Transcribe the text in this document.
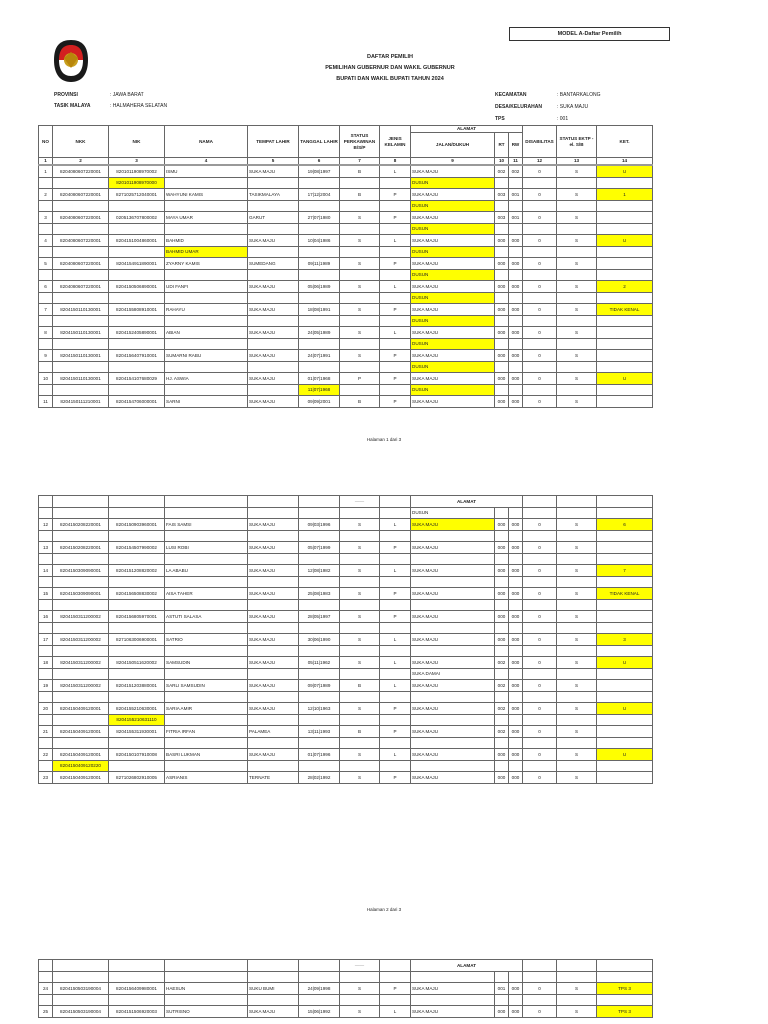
MODEL A-Daftar Pemilih
DAFTAR PEMILIH
PEMILIHAN GUBERNUR DAN WAKIL GUBERNUR
BUPATI DAN WAKIL BUPATI TAHUN 2024
PROVINSI	: JAWA BARAT
TASIK MALAYA	: HALMAHERA SELATAN
KECAMATAN	: BANTARKALONG
DESA/KELURAHAN	: SUKA MAJU
TPS	: 001
NO	NKK	NIK	NAMA	TEMPAT LAHIR	TANGGAL LAHIR	STATUS PERKAWINAN B/S/P	JENIS KELAMIN	ALAMAT			DISABILITAS	STATUS EKTP - el. S/B	KET.
								JALAN/DUKUH	RT	RW			
1	2	3	4	5	6	7	8	9	10	11	12	13	14
1	8204080607220001	8201011908970002	ISMU	SUKA MAJU	19|08|1997	B	L	SUKA MAJU	002	002	0	S	U
		8201011908970000						DUSUN					
2	8204080607220001	8271025712040001	WAHYUNI KAMIS	TASIKMALAYA	17|12|2004	B	P	SUKA MAJU	003	001	0	S	1
								DUSUN					
3	8204080607220001	0205136707800002	MAYA UMAR	GARUT	27|07|1980	S	P	SUKA MAJU	003	001	0	S	
								DUSUN					
4	8204080607220001	8204151004860001	BAHMID	SUKA MAJU	10|04|1986	S	L	SUKA MAJU	000	000	0	S	U
			BAHMID UMAR					DUSUN					
5	8204080607220001	8204154911890001	ZYARNY KAMIS	SUMEDANG	09|11|1989	S	P	SUKA MAJU	000	000	0	S	
								DUSUN					
6	8204080607220001	8204150506890001	UDI FANFI	SUKA MAJU	05|06|1989	S	L	SUKA MAJU	000	000	0	S	2
								DUSUN					
7	8204150110130001	8204155808910001	RAHAYU	SUKA MAJU	18|08|1991	S	P	SUKA MAJU	000	000	0	S	TIDAK KENAL
								DUSUN					
8	8204150110130001	8204152405890001	ABIAN	SUKA MAJU	24|05|1989	S	L	SUKA MAJU	000	000	0	S	
								DUSUN					
9	8204150110130001	8204156407910001	SUMARNI RABU	SUKA MAJU	24|07|1991	S	P	SUKA MAJU	000	000	0	S	
								DUSUN					
10	8204150110130001	8204154107680029	HJ. ASWIA	SUKA MAJU	01|07|1968	P	P	SUKA MAJU	000	000	0	S	U
					11|07|1968			DUSUN					
11	8204150111210001	8204154706000001	SARNI	SUKA MAJU	09|09|2001	B	P	SUKA MAJU	000	000	0	S	
Halaman 1 dari 3
						——		ALAMAT					
								DUSUN					
12	8204150208220001	8204150903960001	FAIS SAMSI	SUKA MAJU	09|03|1996	S	L	SUKA MAJU	000	000	0	S	6

13	8204150208220001	8204154507990002	LUSI ROBI	SUKA MAJU	05|07|1999	S	P	SUKA MAJU	000	000	0	S	

14	8204150309090001	8204151208820002	LA ABABU	SUKA MAJU	12|08|1982	S	L	SUKA MAJU	000	000	0	S	7

15	8204150309090001	8204156508830002	AISA TAHER	SUKA MAJU	25|08|1983	S	P	SUKA MAJU	000	000	0	S	TIDAK KENAL

16	8204150311200002	8204156805970001	ASTUTI SALASA	SUKA MAJU	28|05|1997	S	P	SUKA MAJU	000	000	0	S	

17	8204150311200002	8271063006900001	SATRIO	SUKA MAJU	30|06|1990	S	L	SUKA MAJU	000	000	0	S	3

18	8204150311200002	8204150511620002	SAMSUDIN	SUKA MAJU	05|11|1962	S	L	SUKA MAJU	002	000	0	S	U
								SUKA DAMAI					
19	8204150311200002	8204151203880001	SARLI SAMSUDIN	SUKA MAJU	09|07|1989	B	L	SUKA MAJU	002	000	0	S	

20	8204150409120001	8204155210630001	SARIA AMIR	SUKA MAJU	12|10|1963	S	P	SUKA MAJU	002	000	0	S	U
		8204155210631110											
21	8204150409120001	8204155311930001	FITRIA IRFAN	PALAMEA	13|11|1993	B	P	SUKA MAJU	002	000	0	S	

22	8204150409120001	8204150107910008	BASRI LUKMAN	SUKA MAJU	01|07|1996	S	L	SUKA MAJU	000	000	0	S	U
	8204150409120220												
23	8204150409120001	8271026802910005	ASRIANIS	TERNATE	28|02|1992	S	P	SUKA MAJU	000	000	0	S	
Halaman 2 dari 3
						——		ALAMAT					

24	8204150503190004	8204156409980001	HAESUN	SUKU BUMI	24|09|1998	S	P	SUKA MAJU	001	000	0	S	TPS 3

25	8204150503190004	8204151506920003	SUTRISNO	SUKA MAJU	15|06|1992	S	L	SUKA MAJU	000	000	0	S	TPS 3
